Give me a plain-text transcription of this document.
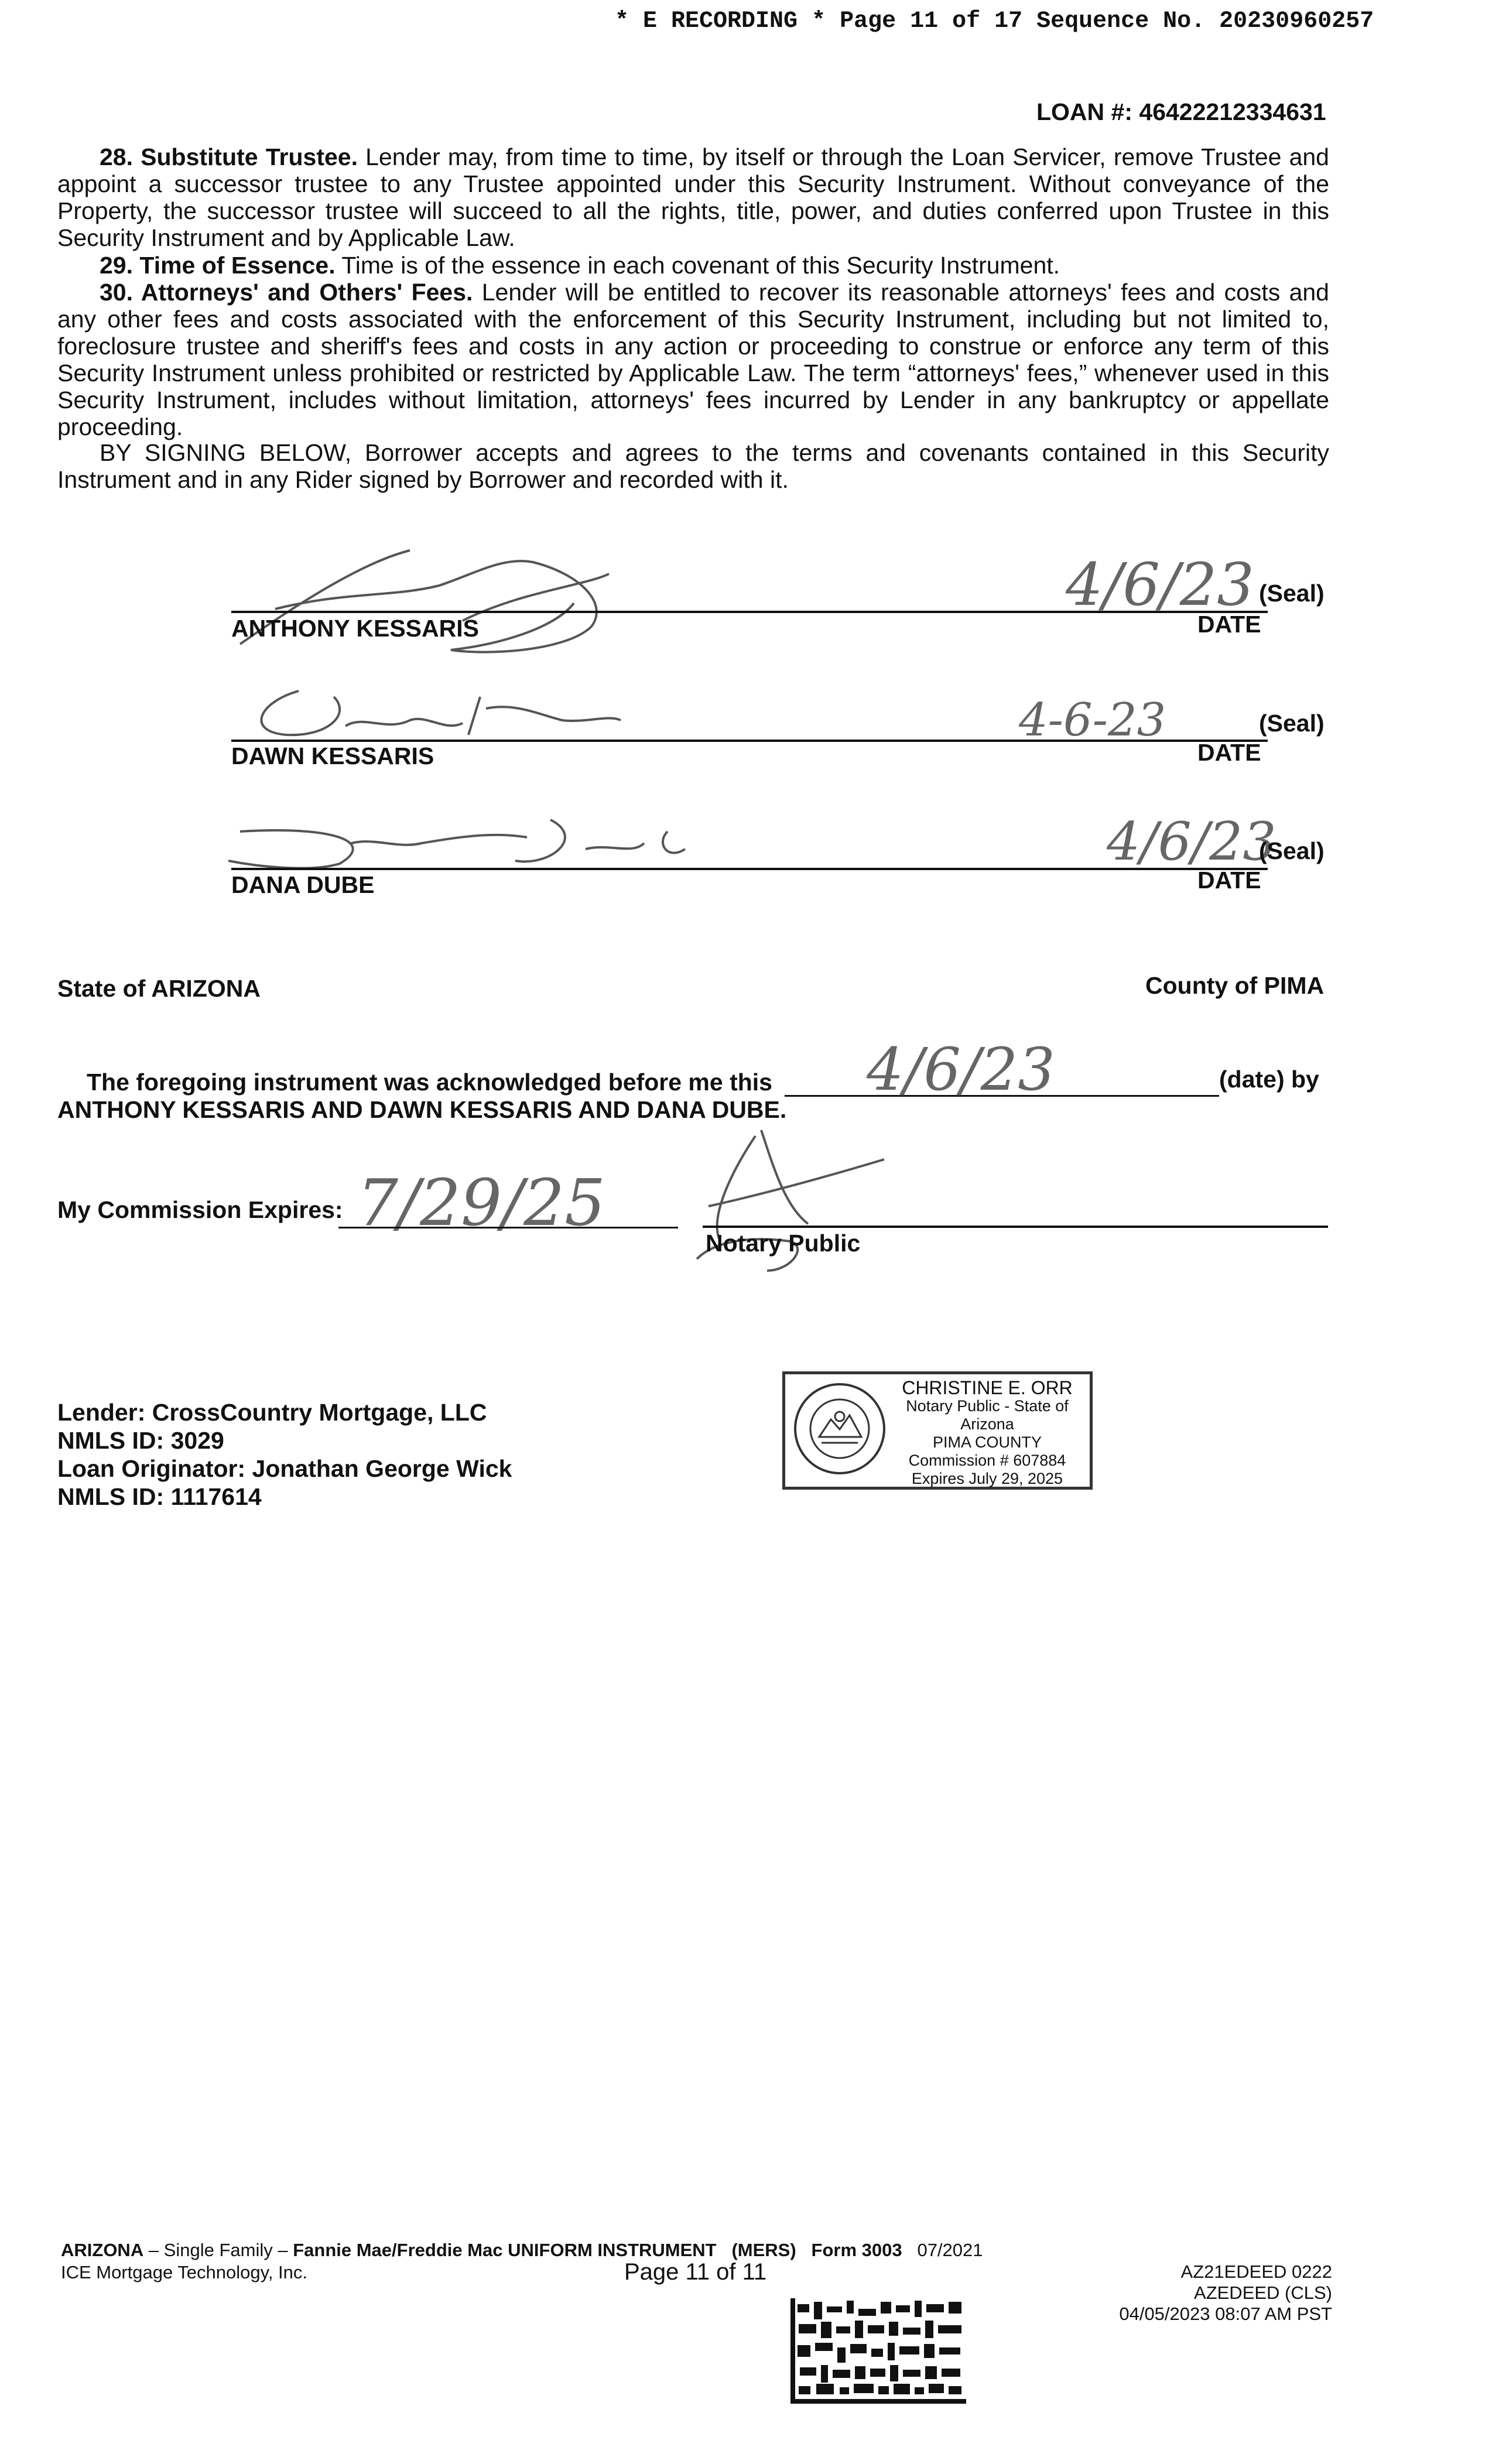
* E RECORDING * Page 11 of 17 Sequence No. 20230960257
LOAN #: 46422212334631
28. Substitute Trustee. Lender may, from time to time, by itself or through the Loan Servicer, remove Trustee and appoint a successor trustee to any Trustee appointed under this Security Instrument. Without conveyance of the Property, the successor trustee will succeed to all the rights, title, power, and duties conferred upon Trustee in this Security Instrument and by Applicable Law.
29. Time of Essence. Time is of the essence in each covenant of this Security Instrument.
30. Attorneys' and Others' Fees. Lender will be entitled to recover its reasonable attorneys' fees and costs and any other fees and costs associated with the enforcement of this Security Instrument, including but not limited to, foreclosure trustee and sheriff's fees and costs in any action or proceeding to construe or enforce any term of this Security Instrument unless prohibited or restricted by Applicable Law. The term “attorneys' fees,” whenever used in this Security Instrument, includes without limitation, attorneys' fees incurred by Lender in any bankruptcy or appellate proceeding.
BY SIGNING BELOW, Borrower accepts and agrees to the terms and covenants contained in this Security Instrument and in any Rider signed by Borrower and recorded with it.
4/6/23 (Seal)
ANTHONY KESSARIS	DATE
4-6-23	(Seal)
DAWN KESSARIS	DATE
4/6/23
(Seal)
DANA DUBE	DATE
State of ARIZONA	County of PIMA
The foregoing instrument was acknowledged before me this 4/6/23	(date) by
ANTHONY KESSARIS AND DAWN KESSARIS AND DANA DUBE.
My Commission Expires: 7/29/25
Notary Public
Lender: CrossCountry Mortgage, LLC
NMLS ID: 3029
Loan Originator: Jonathan George Wick
NMLS ID: 1117614
CHRISTINE E. ORR
Notary Public - State of Arizona
PIMA COUNTY
Commission # 607884
Expires July 29, 2025
ARIZONA – Single Family – Fannie Mae/Freddie Mac UNIFORM INSTRUMENT (MERS) Form 3003 07/2021
ICE Mortgage Technology, Inc.	Page 11 of 11	AZ21EDEED 0222
AZEDEED (CLS)
04/05/2023 08:07 AM PST
